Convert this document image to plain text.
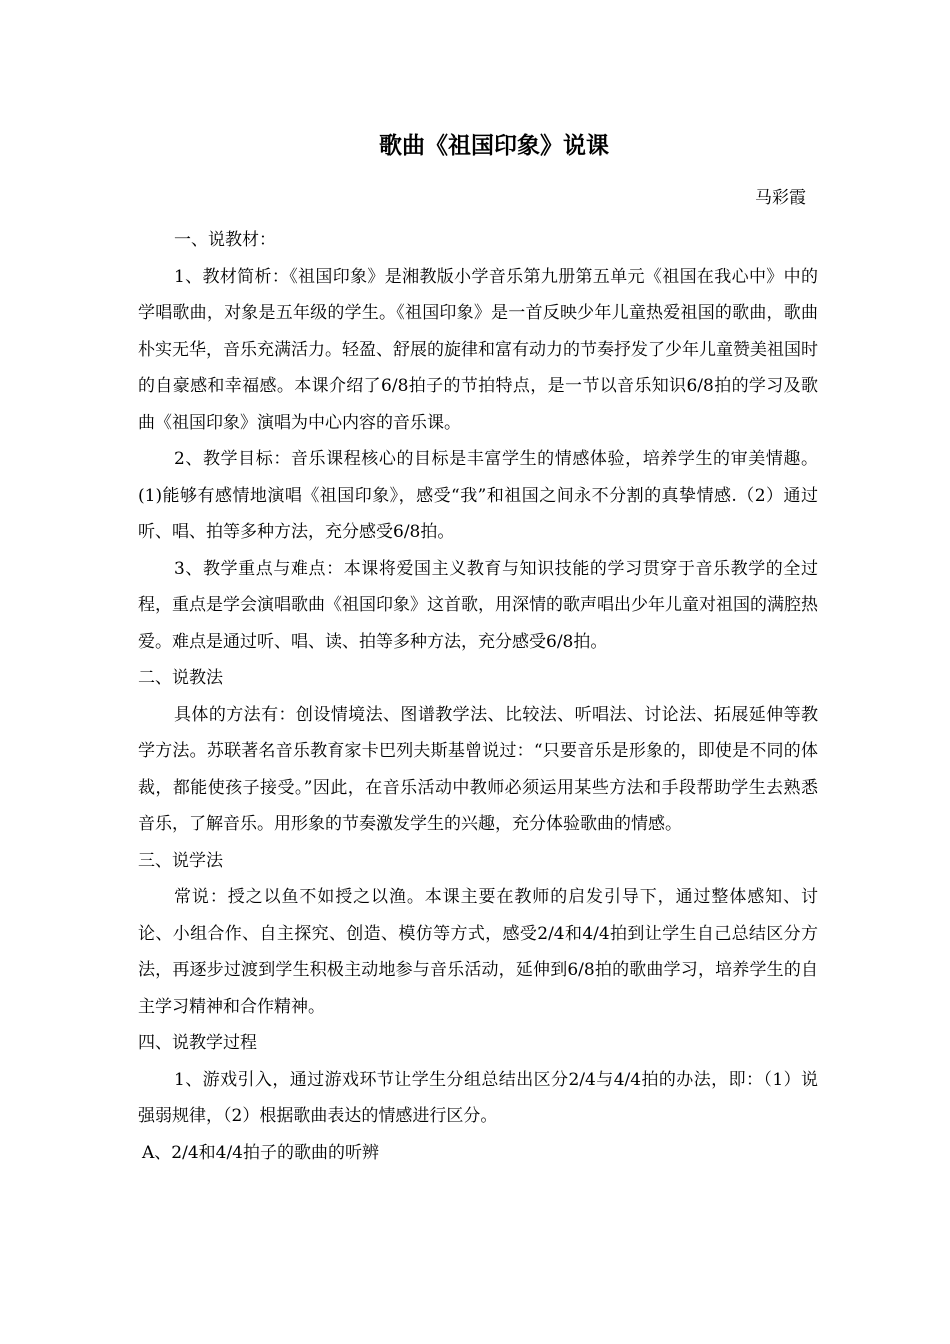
歌曲《祖国印象》说课
马彩霞

一、说教材：

1、教材简析：《祖国印象》是湘教版小学音乐第九册第五单元《祖国在我心中》中的学唱歌曲，对象是五年级的学生。《祖国印象》是一首反映少年儿童热爱祖国的歌曲，歌曲朴实无华，音乐充满活力。轻盈、舒展的旋律和富有动力的节奏抒发了少年儿童赞美祖国时的自豪感和幸福感。本课介绍了6/8拍子的节拍特点，是一节以音乐知识6/8拍的学习及歌曲《祖国印象》演唱为中心内容的音乐课。

2、教学目标：音乐课程核心的目标是丰富学生的情感体验，培养学生的审美情趣。(1)能够有感情地演唱《祖国印象》，感受“我”和祖国之间永不分割的真挚情感.（2）通过听、唱、拍等多种方法，充分感受6/8拍。

3、教学重点与难点：本课将爱国主义教育与知识技能的学习贯穿于音乐教学的全过程，重点是学会演唱歌曲《祖国印象》这首歌，用深情的歌声唱出少年儿童对祖国的满腔热爱。难点是通过听、唱、读、拍等多种方法，充分感受6/8拍。

二、说教法

具体的方法有：创设情境法、图谱教学法、比较法、听唱法、讨论法、拓展延伸等教学方法。苏联著名音乐教育家卡巴列夫斯基曾说过：“只要音乐是形象的，即使是不同的体裁，都能使孩子接受。”因此，在音乐活动中教师必须运用某些方法和手段帮助学生去熟悉音乐，了解音乐。用形象的节奏激发学生的兴趣，充分体验歌曲的情感。

三、说学法

常说：授之以鱼不如授之以渔。本课主要在教师的启发引导下，通过整体感知、讨论、小组合作、自主探究、创造、模仿等方式，感受2/4和4/4拍到让学生自己总结区分方法，再逐步过渡到学生积极主动地参与音乐活动，延伸到6/8拍的歌曲学习，培养学生的自主学习精神和合作精神。

四、说教学过程

1、游戏引入，通过游戏环节让学生分组总结出区分2/4与4/4拍的办法，即：（1）说强弱规律，（2）根据歌曲表达的情感进行区分。

A、2/4和4/4拍子的歌曲的听辨
